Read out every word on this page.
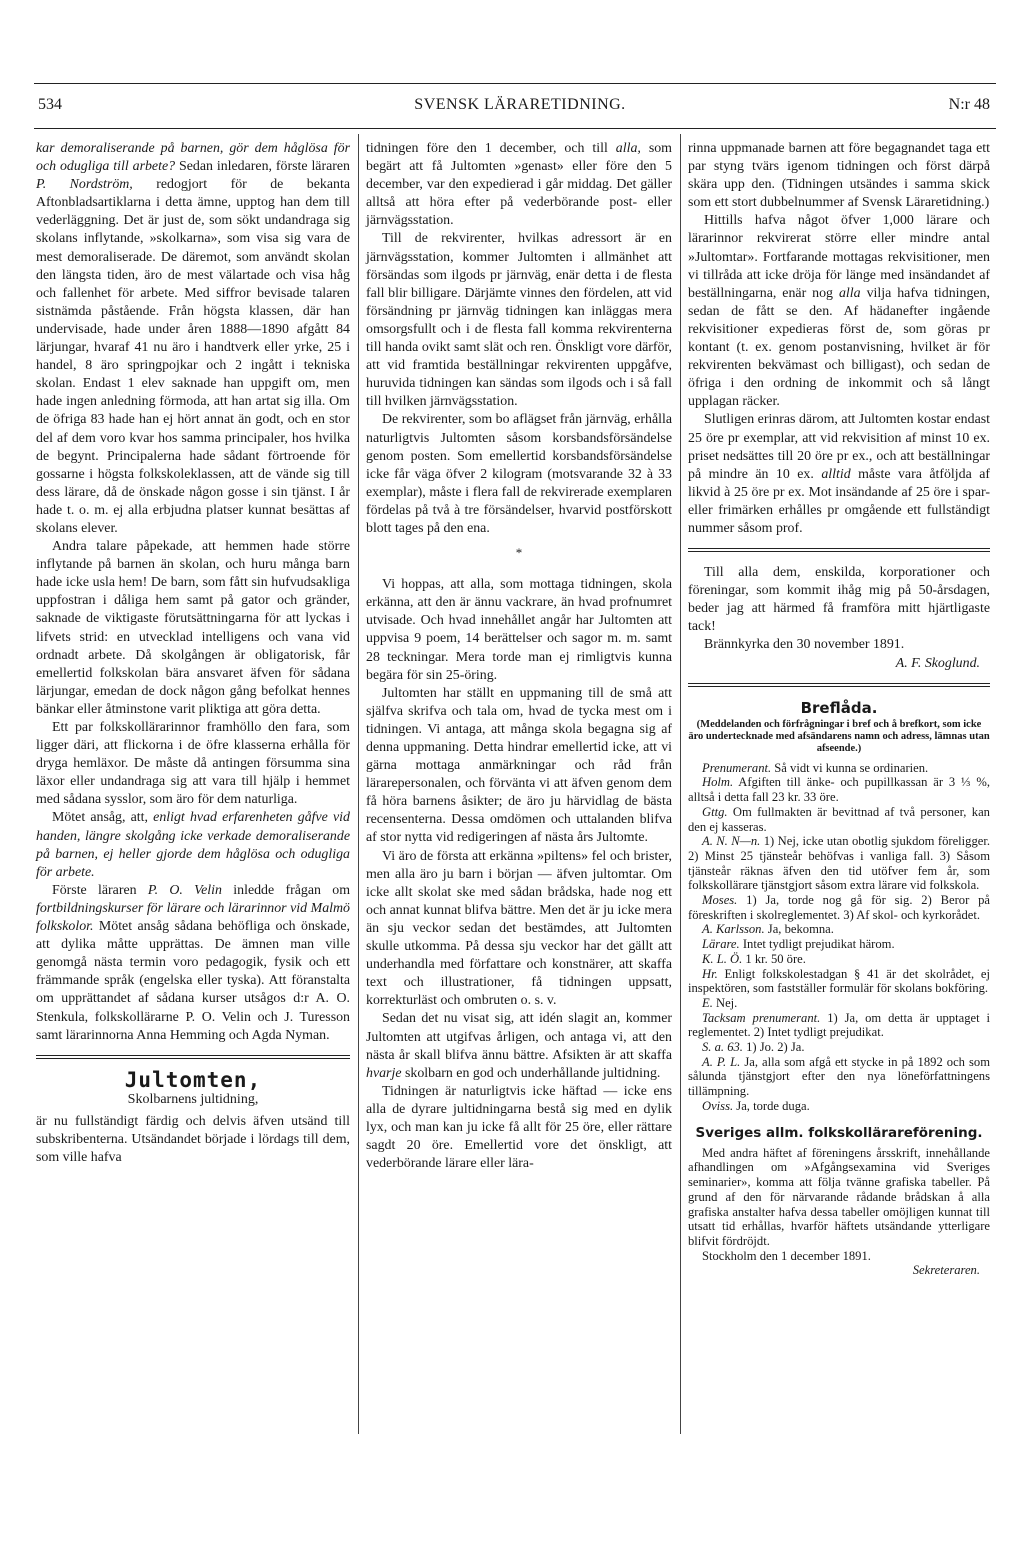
534	SVENSK LÄRARETIDNING.	N:r 48

kar demoraliserande på barnen, gör dem håglösa för och odugliga till arbete? Sedan inledaren, förste läraren P. Nordström, redogjort för de bekanta Aftonbladsartiklarna i detta ämne, upptog han dem till vederläggning. Det är just de, som sökt undandraga sig skolans inflytande, »skolkarna», som visa sig vara de mest demoraliserade. De däremot, som användt skolan den längsta tiden, äro de mest välartade och visa håg och fallenhet för arbete. Med siffror bevisade talaren sistnämda påstående. Från högsta klassen, där han undervisade, hade under åren 1888—1890 afgått 84 lärjungar, hvaraf 41 nu äro i handtverk eller yrke, 25 i handel, 8 äro springpojkar och 2 ingått i tekniska skolan. Endast 1 elev saknade han uppgift om, men hade ingen anledning förmoda, att han artat sig illa. Om de öfriga 83 hade han ej hört annat än godt, och en stor del af dem voro kvar hos samma principaler, hos hvilka de begynt. Principalerna hade sådant förtroende för gossarne i högsta folkskoleklassen, att de vände sig till dess lärare, då de önskade någon gosse i sin tjänst. I år hade t. o. m. ej alla erbjudna platser kunnat besättas af skolans elever.

Andra talare påpekade, att hemmen hade större inflytande på barnen än skolan, och huru många barn hade icke usla hem! De barn, som fått sin hufvudsakliga uppfostran i dåliga hem samt på gator och gränder, saknade de viktigaste förutsättningarna för att lyckas i lifvets strid: en utvecklad intelligens och vana vid ordnadt arbete. Då skolgången är obligatorisk, får emellertid folkskolan bära ansvaret äfven för sådana lärjungar, emedan de dock någon gång befolkat hennes bänkar eller åtminstone varit pliktiga att göra detta.

Ett par folkskollärarinnor framhöllo den fara, som ligger däri, att flickorna i de öfre klasserna erhålla för dryga hemläxor. De måste då antingen försumma sina läxor eller undandraga sig att vara till hjälp i hemmet med sådana sysslor, som äro för dem naturliga.

Mötet ansåg, att, enligt hvad erfarenheten gåfve vid handen, längre skolgång icke verkade demoraliserande på barnen, ej heller gjorde dem håglösa och odugliga för arbete.

Förste läraren P. O. Velin inledde frågan om fortbildningskurser för lärare och lärarinnor vid Malmö folkskolor. Mötet ansåg sådana behöfliga och önskade, att dylika måtte upprättas. De ämnen man ville genomgå nästa termin voro pedagogik, fysik och ett främmande språk (engelska eller tyska). Att föranstalta om upprättandet af sådana kurser utsågos d:r A. O. Stenkula, folkskollärarne P. O. Velin och J. Turesson samt lärarinnorna Anna Hemming och Agda Nyman.

Jultomten,
Skolbarnens jultidning,

är nu fullständigt färdig och delvis äfven utsänd till subskribenterna. Utsändandet började i lördags till dem, som ville hafva

tidningen före den 1 december, och till alla, som begärt att få Jultomten »genast» eller före den 5 december, var den expedierad i går middag. Det gäller alltså att höra efter på vederbörande post- eller järnvägsstation.

Till de rekvirenter, hvilkas adressort är en järnvägsstation, kommer Jultomten i allmänhet att försändas som ilgods pr järnväg, enär detta i de flesta fall blir billigare. Därjämte vinnes den fördelen, att vid försändning pr järnväg tidningen kan inläggas mera omsorgsfullt och i de flesta fall komma rekvirenterna till handa ovikt samt slät och ren. Önskligt vore därför, att vid framtida beställningar rekvirenten uppgåfve, huruvida tidningen kan sändas som ilgods och i så fall till hvilken järnvägsstation.

De rekvirenter, som bo aflägset från järnväg, erhålla naturligtvis Jultomten såsom korsbandsförsändelse genom posten. Som emellertid korsbandsförsändelse icke får väga öfver 2 kilogram (motsvarande 32 à 33 exemplar), måste i flera fall de rekvirerade exemplaren fördelas på två à tre försändelser, hvarvid postförskott blott tages på den ena.

*

Vi hoppas, att alla, som mottaga tidningen, skola erkänna, att den är ännu vackrare, än hvad profnumret utvisade. Och hvad innehållet angår har Jultomten att uppvisa 9 poem, 14 berättelser och sagor m. m. samt 28 teckningar. Mera torde man ej rimligtvis kunna begära för sin 25-öring.

Jultomten har ställt en uppmaning till de små att själfva skrifva och tala om, hvad de tycka mest om i tidningen. Vi antaga, att många skola begagna sig af denna uppmaning. Detta hindrar emellertid icke, att vi gärna mottaga anmärkningar och råd från lärarepersonalen, och förvänta vi att äfven genom dem få höra barnens åsikter; de äro ju härvidlag de bästa recensenterna. Dessa omdömen och uttalanden blifva af stor nytta vid redigeringen af nästa års Jultomte.

Vi äro de första att erkänna »piltens» fel och brister, men alla äro ju barn i början — äfven jultomtar. Om icke allt skolat ske med sådan brådska, hade nog ett och annat kunnat blifva bättre. Men det är ju icke mera än sju veckor sedan det bestämdes, att Jultomten skulle utkomma. På dessa sju veckor har det gällt att underhandla med författare och konstnärer, att skaffa text och illustrationer, få tidningen uppsatt, korrekturläst och ombruten o. s. v.

Sedan det nu visat sig, att idén slagit an, kommer Jultomten att utgifvas årligen, och antaga vi, att den nästa år skall blifva ännu bättre. Afsikten är att skaffa hvarje skolbarn en god och underhållande jultidning.

Tidningen är naturligtvis icke häftad — icke ens alla de dyrare jultidningarna bestå sig med en dylik lyx, och man kan ju icke få allt för 25 öre, eller rättare sagdt 20 öre. Emellertid vore det önskligt, att vederbörande lärare eller lära-

rinna uppmanade barnen att före begagnandet taga ett par styng tvärs igenom tidningen och först därpå skära upp den. (Tidningen utsändes i samma skick som ett stort dubbelnummer af Svensk Läraretidning.)

Hittills hafva något öfver 1,000 lärare och lärarinnor rekvirerat större eller mindre antal »Jultomtar». Fortfarande mottagas rekvisitioner, men vi tillråda att icke dröja för länge med insändandet af beställningarna, enär nog alla vilja hafva tidningen, sedan de fått se den. Af hädanefter ingående rekvisitioner expedieras först de, som göras pr kontant (t. ex. genom postanvisning, hvilket är för rekvirenten bekvämast och billigast), och sedan de öfriga i den ordning de inkommit och så långt upplagan räcker.

Slutligen erinras därom, att Jultomten kostar endast 25 öre pr exemplar, att vid rekvisition af minst 10 ex. priset nedsättes till 20 öre pr ex., och att beställningar på mindre än 10 ex. alltid måste vara åtföljda af likvid à 25 öre pr ex. Mot insändande af 25 öre i spar- eller frimärken erhålles pr omgående ett fullständigt nummer såsom prof.

Till alla dem, enskilda, korporationer och föreningar, som kommit ihåg mig på 50-årsdagen, beder jag att härmed få framföra mitt hjärtligaste tack!

Brännkyrka den 30 november 1891.

A. F. Skoglund.
Breflåda.
(Meddelanden och förfrågningar i bref och å brefkort, som icke äro undertecknade med afsändarens namn och adress, lämnas utan afseende.)

Prenumerant. Så vidt vi kunna se ordinarien.

Holm. Afgiften till änke- och pupillkassan är 3 ⅓ %, alltså i detta fall 23 kr. 33 öre.

Gttg. Om fullmakten är bevittnad af två personer, kan den ej kasseras.

A. N. N—n. 1) Nej, icke utan obotlig sjukdom föreligger. 2) Minst 25 tjänsteår behöfvas i vanliga fall. 3) Såsom tjänsteår räknas äfven den tid utöfver fem år, som folkskollärare tjänstgjort såsom extra lärare vid folkskola.

Moses. 1) Ja, torde nog gå för sig. 2) Beror på föreskriften i skolreglementet. 3) Af skol- och kyrkorådet.

A. Karlsson. Ja, bekomna.

Lärare. Intet tydligt prejudikat härom.

K. L. Ö. 1 kr. 50 öre.

Hr. Enligt folkskolestadgan § 41 är det skolrådet, ej inspektören, som fastställer formulär för skolans bokföring.

E. Nej.

Tacksam prenumerant. 1) Ja, om detta är upptaget i reglementet. 2) Intet tydligt prejudikat.

S. a. 63. 1) Jo. 2) Ja.

A. P. L. Ja, alla som afgå ett stycke in på 1892 och som sålunda tjänstgjort efter den nya löneförfattningens tillämpning.

Oviss. Ja, torde duga.

Sveriges allm. folkskollärareförening.

Med andra häftet af föreningens årsskrift, innehållande afhandlingen om »Afgångsexamina vid Sveriges seminarier», komma att följa tvänne grafiska tabeller. På grund af den för närvarande rådande brådskan å alla grafiska anstalter hafva dessa tabeller omöjligen kunnat till utsatt tid erhållas, hvarför häftets utsändande ytterligare blifvit fördröjdt.

Stockholm den 1 december 1891.

Sekreteraren.
